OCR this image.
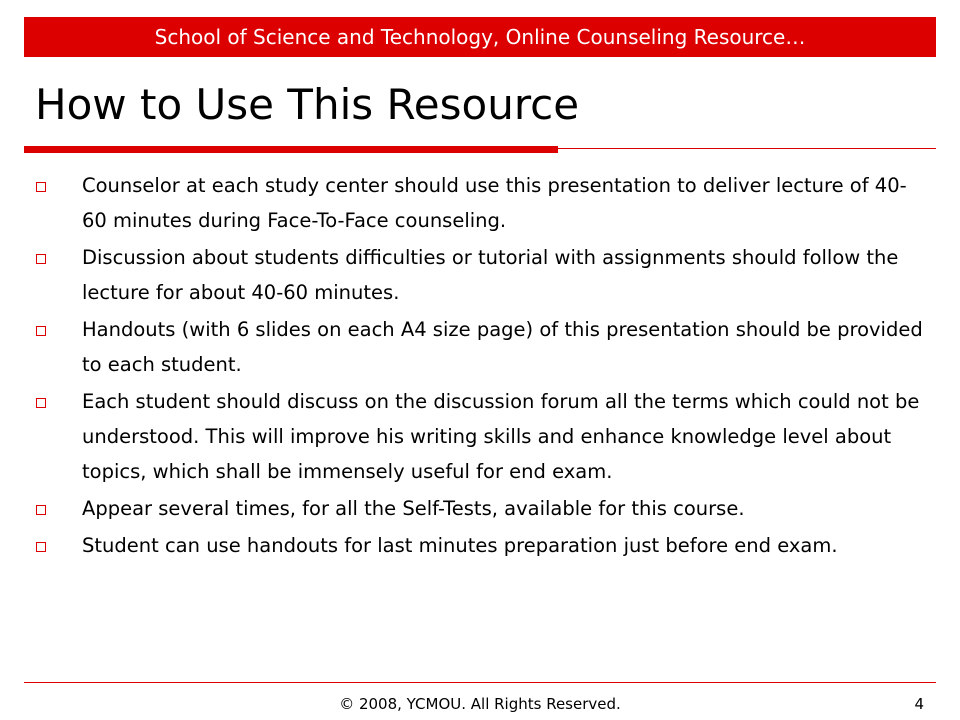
School of Science and Technology, Online Counseling Resource…
How to Use This Resource
Counselor at each study center should use this presentation to deliver lecture of 40-60 minutes during Face-To-Face counseling.
Discussion about students difficulties or tutorial with assignments should follow the lecture for about 40-60 minutes.
Handouts (with 6 slides on each A4 size page) of this presentation should be provided to each student.
Each student should discuss on the discussion forum all the terms which could not be understood. This will improve his writing skills and enhance knowledge level about topics, which shall be immensely useful for end exam.
Appear several times, for all the Self-Tests, available for this course.
Student can use handouts for last minutes preparation just before end exam.
© 2008, YCMOU. All Rights Reserved.	4
